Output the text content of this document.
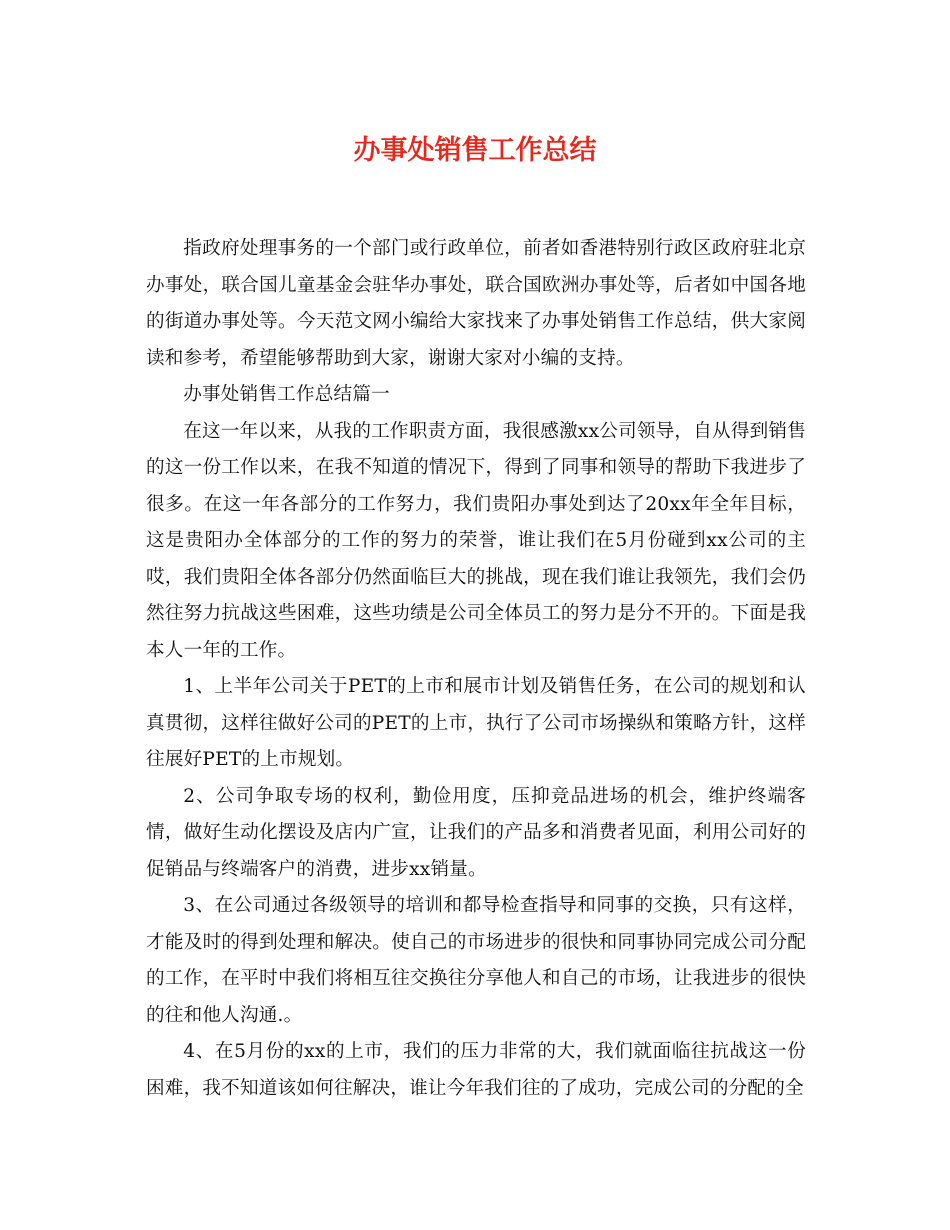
办事处销售工作总结

指政府处理事务的一个部门或行政单位，前者如香港特别行政区政府驻北京办事处，联合国儿童基金会驻华办事处，联合国欧洲办事处等，后者如中国各地的街道办事处等。今天范文网小编给大家找来了办事处销售工作总结，供大家阅读和参考，希望能够帮助到大家，谢谢大家对小编的支持。

办事处销售工作总结篇一

在这一年以来，从我的工作职责方面，我很感激xx公司领导，自从得到销售的这一份工作以来，在我不知道的情况下，得到了同事和领导的帮助下我进步了很多。在这一年各部分的工作努力，我们贵阳办事处到达了20xx年全年目标，这是贵阳办全体部分的工作的努力的荣誉，谁让我们在5月份碰到xx公司的主哎，我们贵阳全体各部分仍然面临巨大的挑战，现在我们谁让我领先，我们会仍然往努力抗战这些困难，这些功绩是公司全体员工的努力是分不开的。下面是我本人一年的工作。

1、上半年公司关于PET的上市和展市计划及销售任务，在公司的规划和认真贯彻，这样往做好公司的PET的上市，执行了公司市场操纵和策略方针，这样往展好PET的上市规划。

2、公司争取专场的权利，勤俭用度，压抑竞品进场的机会，维护终端客情，做好生动化摆设及店内广宣，让我们的产品多和消费者见面，利用公司好的促销品与终端客户的消费，进步xx销量。

3、在公司通过各级领导的培训和都导检查指导和同事的交换，只有这样，才能及时的得到处理和解决。使自己的市场进步的很快和同事协同完成公司分配的工作，在平时中我们将相互往交换往分享他人和自己的市场，让我进步的很快的往和他人沟通.。

4、在5月份的xx的上市，我们的压力非常的大，我们就面临往抗战这一份困难，我不知道该如何往解决，谁让今年我们往的了成功，完成公司的分配的全
